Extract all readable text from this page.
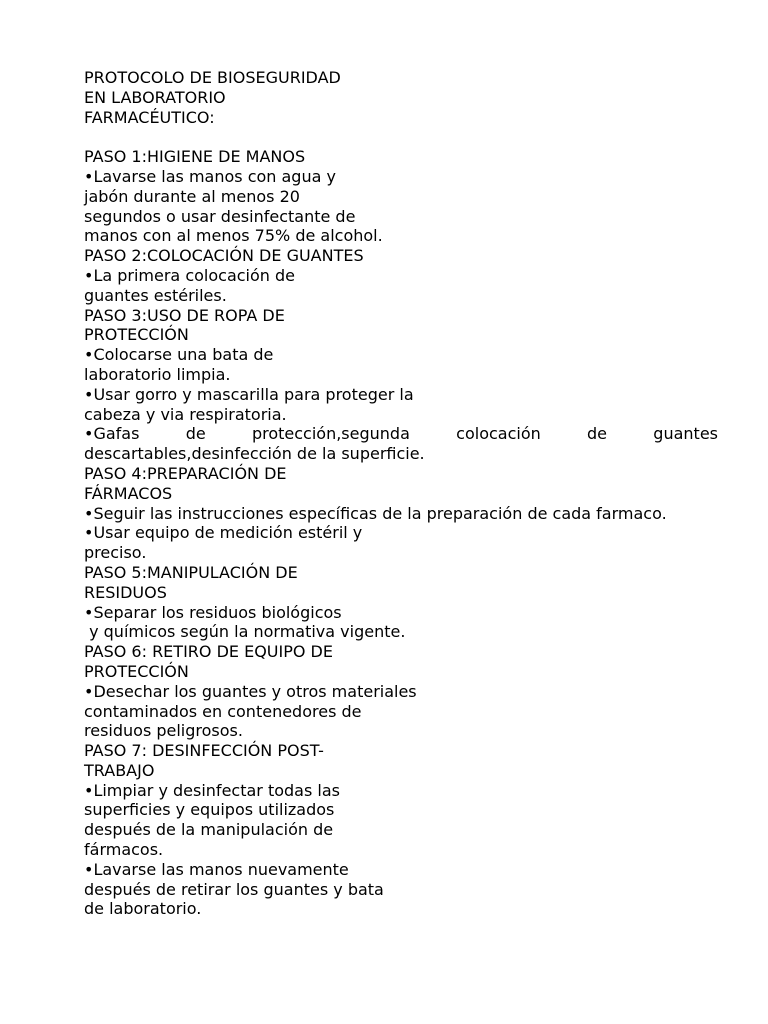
PROTOCOLO DE BIOSEGURIDAD
EN LABORATORIO
FARMACÉUTICO:
PASO 1:HIGIENE DE MANOS
•Lavarse las manos con agua y
jabón durante al menos 20
segundos o usar desinfectante de
manos con al menos 75% de alcohol.
PASO 2:COLOCACIÓN DE GUANTES
•La primera colocación de
guantes estériles.
PASO 3:USO DE ROPA DE
PROTECCIÓN
•Colocarse una bata de
laboratorio limpia.
•Usar gorro y mascarilla para proteger la
cabeza y via respiratoria.
•Gafas de protección,segunda colocación de guantes descartables,desinfección de la superficie.
PASO 4:PREPARACIÓN DE
FÁRMACOS
•Seguir las instrucciones específicas de la preparación de cada farmaco.
•Usar equipo de medición estéril y
preciso.
PASO 5:MANIPULACIÓN DE
RESIDUOS
•Separar los residuos biológicos
y químicos según la normativa vigente.
PASO 6: RETIRO DE EQUIPO DE
PROTECCIÓN
•Desechar los guantes y otros materiales
contaminados en contenedores de
residuos peligrosos.
PASO 7: DESINFECCIÓN POST-
TRABAJO
•Limpiar y desinfectar todas las
superficies y equipos utilizados
después de la manipulación de
fármacos.
•Lavarse las manos nuevamente
después de retirar los guantes y bata
de laboratorio.
